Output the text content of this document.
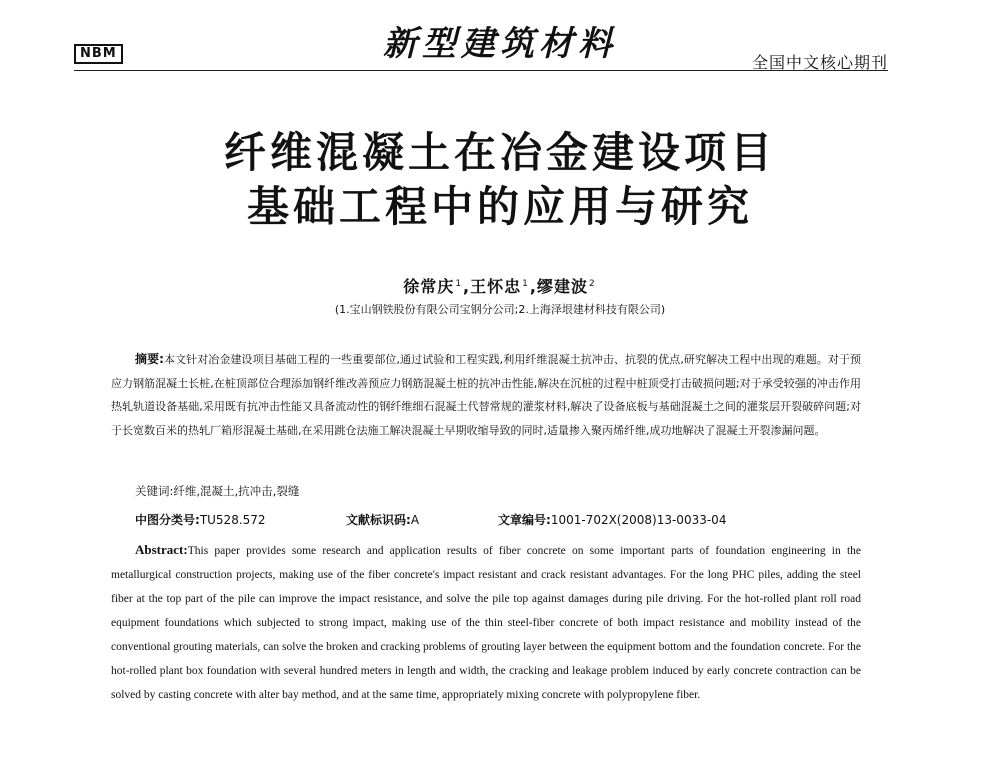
NBM	新型建筑材料	全国中文核心期刊
纤维混凝土在冶金建设项目
基础工程中的应用与研究
徐常庆$^1$,王怀忠$^1$,缪建波$^2$
(1.宝山钢铁股份有限公司宝钢分公司;2.上海泽垠建材科技有限公司)
摘要:本文针对冶金建设项目基础工程的一些重要部位,通过试验和工程实践,利用纤维混凝土抗冲击、抗裂的优点,研究解决工程中出现的难题。对于预应力钢筋混凝土长桩,在桩顶部位合理添加钢纤维改善预应力钢筋混凝土桩的抗冲击性能,解决在沉桩的过程中桩顶受打击破损问题;对于承受较强的冲击作用热轧轨道设备基础,采用既有抗冲击性能又具备流动性的钢纤维细石混凝土代替常规的灌浆材料,解决了设备底板与基础混凝土之间的灌浆层开裂破碎问题;对于长宽数百米的热轧厂箱形混凝土基础,在采用跳仓法施工解决混凝土早期收缩导致的同时,适量掺入聚丙烯纤维,成功地解决了混凝土开裂渗漏问题。
关键词:纤维,混凝土,抗冲击,裂缝
中图分类号:TU528.572	文献标识码:A	文章编号:1001-702X(2008)13-0033-04
Abstract:This paper provides some research and application results of fiber concrete on some important parts of foundation engineering in the metallurgical construction projects, making use of the fiber concrete's impact resistant and crack resistant advantages. For the long PHC piles, adding the steel fiber at the top part of the pile can improve the impact resistance, and solve the pile top against damages during pile driving. For the hot-rolled plant roll road equipment foundations which subjected to strong impact, making use of the thin steel-fiber concrete of both impact resistance and mobility instead of the conventional grouting materials, can solve the broken and cracking problems of grouting layer between the equipment bottom and the foundation concrete. For the hot-rolled plant box foundation with several hundred meters in length and width, the cracking and leakage problem induced by early concrete contraction can be solved by casting concrete with alter bay method, and at the same time, appropriately mixing concrete with polypropylene fiber.
